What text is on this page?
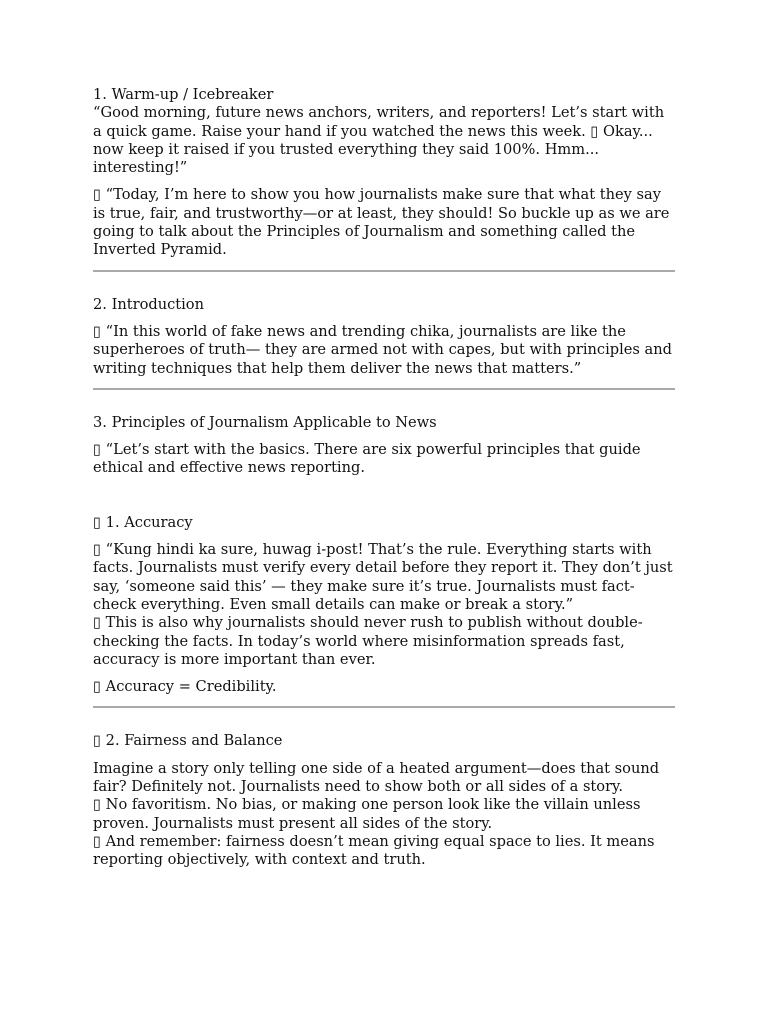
1. Warm-up / Icebreaker

“Good morning, future news anchors, writers, and reporters! Let’s start with a quick game. Raise your hand if you watched the news this week. ▯ Okay... now keep it raised if you trusted everything they said 100%. Hmm... interesting!”

▯ “Today, I’m here to show you how journalists make sure that what they say is true, fair, and trustworthy—or at least, they should! So buckle up as we are going to talk about the Principles of Journalism and something called the Inverted Pyramid.

2. Introduction

▯ “In this world of fake news and trending chika, journalists are like the superheroes of truth— they are armed not with capes, but with principles and writing techniques that help them deliver the news that matters.”

3. Principles of Journalism Applicable to News

▯ “Let’s start with the basics. There are six powerful principles that guide ethical and effective news reporting.

▯ 1. Accuracy

▯ “Kung hindi ka sure, huwag i-post! That’s the rule. Everything starts with facts. Journalists must verify every detail before they report it. They don’t just say, ‘someone said this’ — they make sure it’s true. Journalists must fact-check everything. Even small details can make or break a story.”

▯ This is also why journalists should never rush to publish without double-checking the facts. In today’s world where misinformation spreads fast, accuracy is more important than ever.

▯ Accuracy = Credibility.

▯ 2. Fairness and Balance

Imagine a story only telling one side of a heated argument—does that sound fair? Definitely not. Journalists need to show both or all sides of a story.

▯ No favoritism. No bias, or making one person look like the villain unless proven. Journalists must present all sides of the story.

▯ And remember: fairness doesn’t mean giving equal space to lies. It means reporting objectively, with context and truth.
